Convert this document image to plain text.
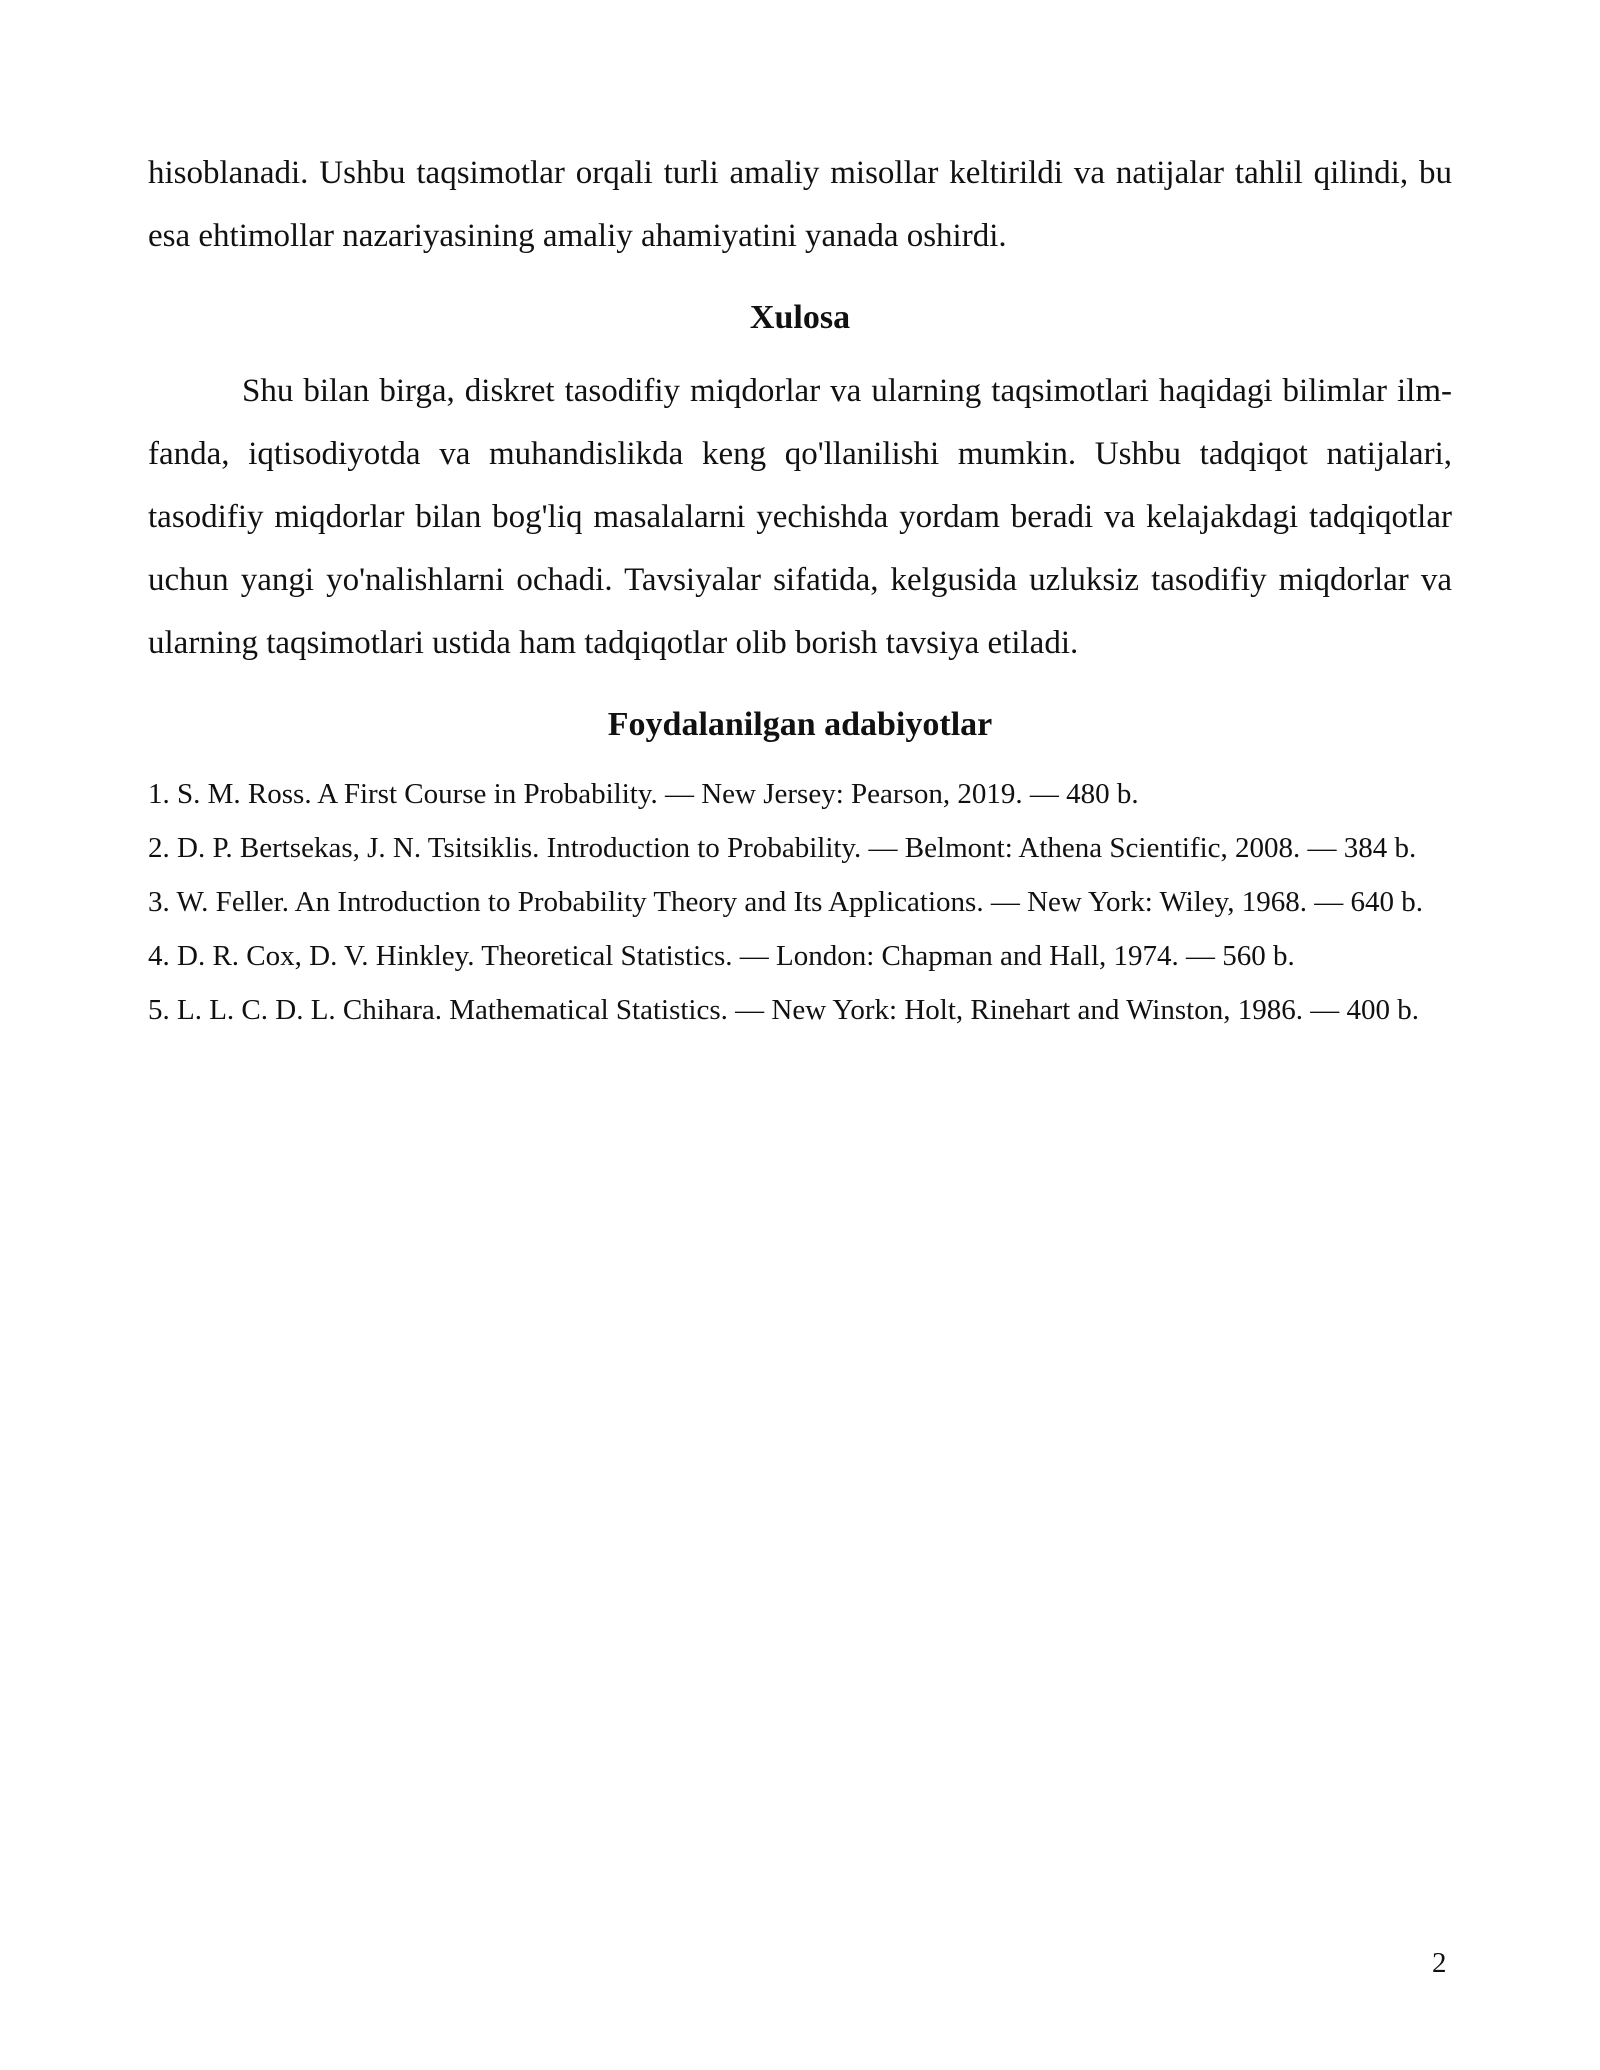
hisoblanadi. Ushbu taqsimotlar orqali turli amaliy misollar keltirildi va natijalar tahlil qilindi, bu esa ehtimollar nazariyasining amaliy ahamiyatini yanada oshirdi.

Xulosa

Shu bilan birga, diskret tasodifiy miqdorlar va ularning taqsimotlari haqidagi bilimlar ilm-fanda, iqtisodiyotda va muhandislikda keng qo'llanilishi mumkin. Ushbu tadqiqot natijalari, tasodifiy miqdorlar bilan bog'liq masalalarni yechishda yordam beradi va kelajakdagi tadqiqotlar uchun yangi yo'nalishlarni ochadi. Tavsiyalar sifatida, kelgusida uzluksiz tasodifiy miqdorlar va ularning taqsimotlari ustida ham tadqiqotlar olib borish tavsiya etiladi.

Foydalanilgan adabiyotlar
1. S. M. Ross. A First Course in Probability. — New Jersey: Pearson, 2019. — 480 b.
2. D. P. Bertsekas, J. N. Tsitsiklis. Introduction to Probability. — Belmont: Athena Scientific, 2008. — 384 b.
3. W. Feller. An Introduction to Probability Theory and Its Applications. — New York: Wiley, 1968. — 640 b.
4. D. R. Cox, D. V. Hinkley. Theoretical Statistics. — London: Chapman and Hall, 1974. — 560 b.
5. L. L. C. D. L. Chihara. Mathematical Statistics. — New York: Holt, Rinehart and Winston, 1986. — 400 b.
2
